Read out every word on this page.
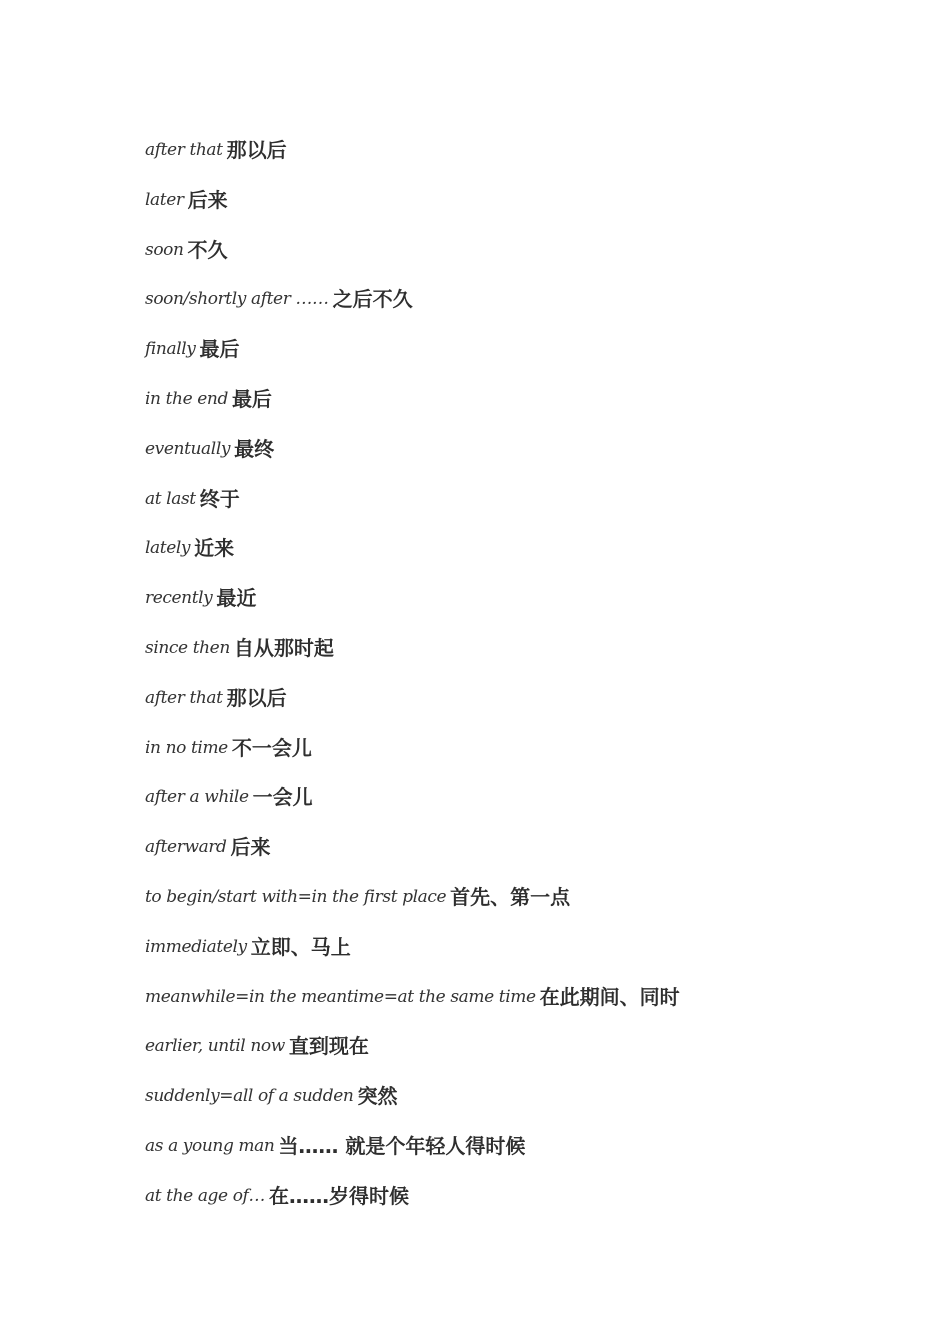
after that 那以后
later 后来
soon 不久
soon/shortly after …… 之后不久
finally 最后
in the end 最后
eventually 最终
at last 终于
lately 近来
recently 最近
since then 自从那时起
after that 那以后
in no time 不一会儿
after a while 一会儿
afterward 后来
to begin/start with=in the first place 首先、第一点
immediately 立即、马上
meanwhile=in the meantime=at the same time 在此期间、同时
earlier, until now 直到现在
suddenly=all of a sudden 突然
as a young man 当…… 就是个年轻人得时候
at the age of… 在……岁得时候
